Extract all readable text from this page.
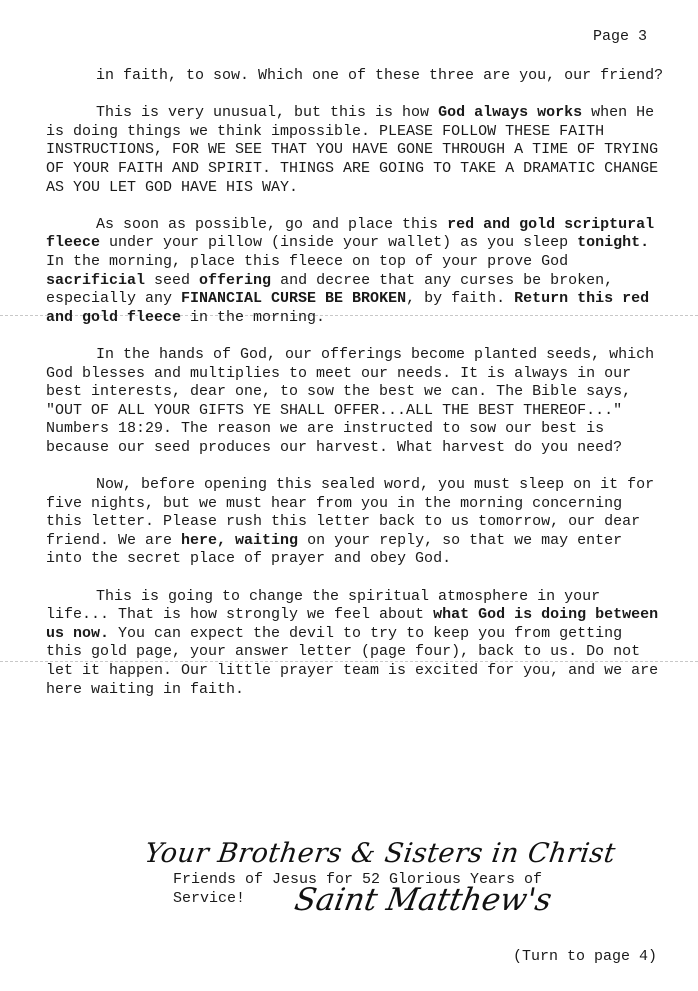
Page 3

in faith, to sow. Which one of these three are you, our friend?

This is very unusual, but this is how God always works when He is doing things we think impossible. PLEASE FOLLOW THESE FAITH INSTRUCTIONS, FOR WE SEE THAT YOU HAVE GONE THROUGH A TIME OF TRYING OF YOUR FAITH AND SPIRIT. THINGS ARE GOING TO TAKE A DRAMATIC CHANGE AS YOU LET GOD HAVE HIS WAY.

As soon as possible, go and place this red and gold scriptural fleece under your pillow (inside your wallet) as you sleep tonight. In the morning, place this fleece on top of your prove God sacrificial seed offering and decree that any curses be broken, especially any FINANCIAL CURSE BE BROKEN, by faith. Return this red and gold fleece in the morning.

In the hands of God, our offerings become planted seeds, which God blesses and multiplies to meet our needs. It is always in our best interests, dear one, to sow the best we can. The Bible says, "OUT OF ALL YOUR GIFTS YE SHALL OFFER...ALL THE BEST THEREOF..." Numbers 18:29. The reason we are instructed to sow our best is because our seed produces our harvest. What harvest do you need?

Now, before opening this sealed word, you must sleep on it for five nights, but we must hear from you in the morning concerning this letter. Please rush this letter back to us tomorrow, our dear friend. We are here, waiting on your reply, so that we may enter into the secret place of prayer and obey God.

This is going to change the spiritual atmosphere in your life... That is how strongly we feel about what God is doing between us now. You can expect the devil to try to keep you from getting this gold page, your answer letter (page four), back to us. Do not let it happen. Our little prayer team is excited for you, and we are here waiting in faith.

Your Brothers & Sisters in Christ
Friends of Jesus for 52 Glorious Years of Service!	Saint Matthew's
(Turn to page 4)
